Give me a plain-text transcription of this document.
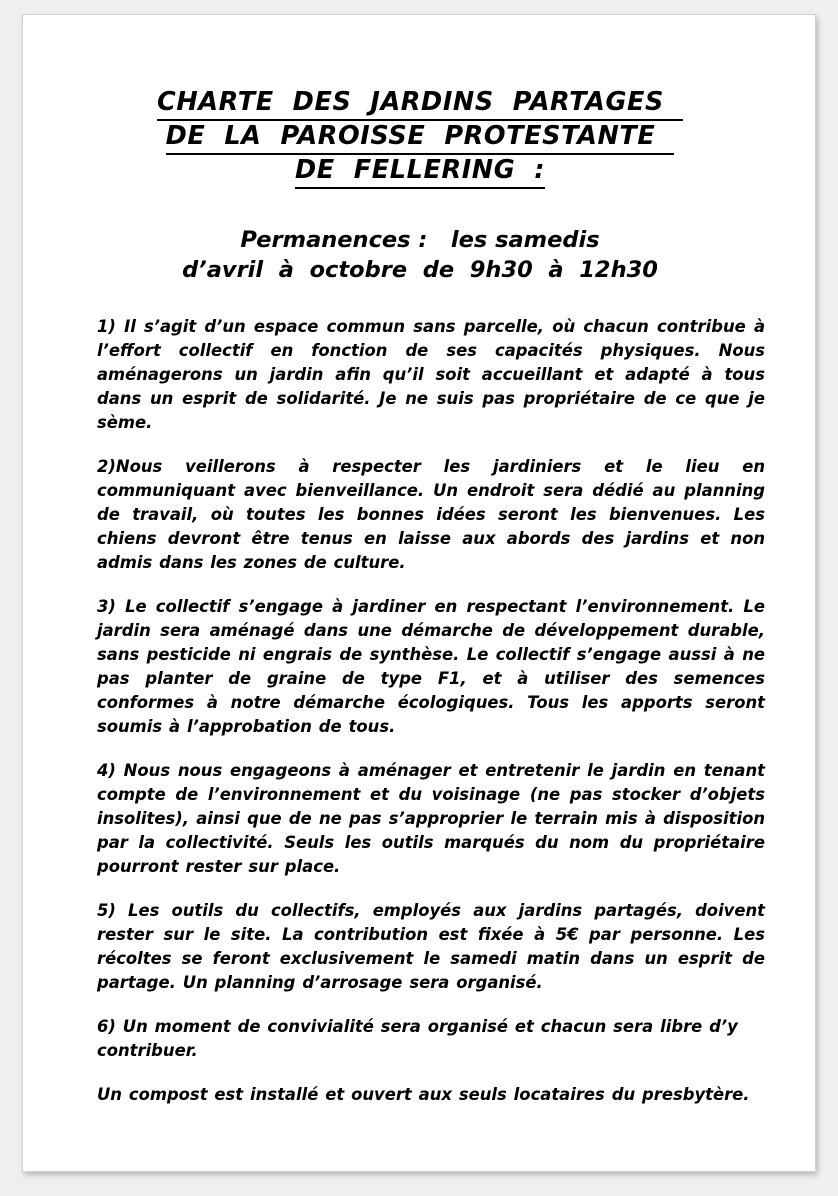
CHARTE  DES  JARDINS  PARTAGES
DE  LA  PAROISSE  PROTESTANTE
DE  FELLERING  :
Permanences :   les samedis
d’avril  à  octobre  de  9h30  à  12h30

1) Il s’agit d’un espace commun sans parcelle, où chacun contribue à l’effort collectif en fonction de ses capacités physiques. Nous aménagerons un jardin afin qu’il soit accueillant et adapté à tous dans un esprit de solidarité. Je ne suis pas propriétaire de ce que je sème.

2)Nous veillerons à respecter les jardiniers et le lieu en communiquant avec bienveillance. Un endroit sera dédié au planning de travail, où toutes les bonnes idées seront les bienvenues. Les chiens devront être tenus en laisse aux abords des jardins et non admis dans les zones de culture.

3) Le collectif s’engage à jardiner en respectant l’environnement. Le jardin sera aménagé dans une démarche de développement durable, sans pesticide ni engrais de synthèse. Le collectif s’engage aussi à ne pas planter de graine de type F1, et à utiliser des semences conformes à notre démarche écologiques. Tous les apports seront soumis à l’approbation de tous.

4) Nous nous engageons à aménager et entretenir le jardin en tenant compte de l’environnement et du voisinage (ne pas stocker d’objets insolites), ainsi que de ne pas s’approprier le terrain mis à disposition par la collectivité. Seuls les outils marqués du nom du propriétaire pourront rester sur place.

5) Les outils du collectifs, employés aux jardins partagés, doivent rester sur le site. La contribution est fixée à 5€ par personne. Les récoltes se feront exclusivement le samedi matin dans un esprit de partage. Un planning d’arrosage sera organisé.

6) Un moment de convivialité sera organisé et chacun sera libre d’y contribuer.

Un compost est installé et ouvert aux seuls locataires du presbytère.
